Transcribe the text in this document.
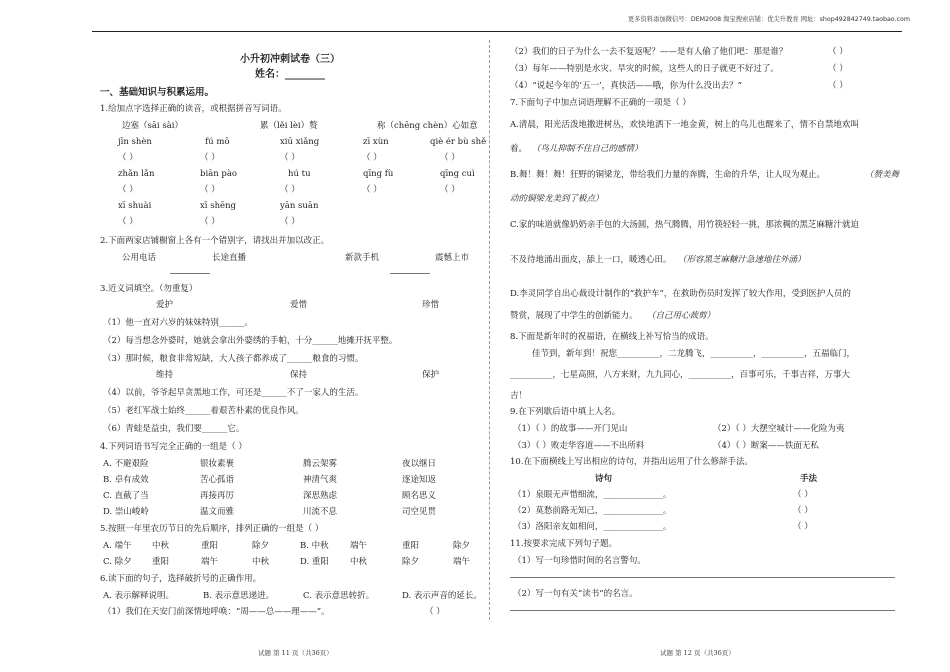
更多资料添加微信号：DEM2008 淘宝搜索店铺：优尖升教育 网址：shop492842749.taobao.com
小升初冲刺试卷（三）
姓名：________
一、基础知识与积累运用。
1.给加点字选择正确的读音，或根据拼音写词语。
边塞（sāi sài）	累（lěi lèi）赘	称（chēng chèn）心如意
jīn shèn	fú mō	xiū xiǎng	zī xùn	qiè ér bù shě
（ ）	（ ）	（ ）	（ ）	（ ）
zhǎn lǎn	biān pào	hú tu	qīng fù	qīng cuì
（ ）	（ ）	（ ）	（ ）	（ ）
xī shuài	xī shēng	yān suān
（ ）	（ ）	（ ）
2.下面两家店铺橱窗上各有一个错别字，请找出并加以改正。
公用电话	长途直播	新款手机	震憾上市
3.近义词填空。（勿重复）
爱护	爱惜	珍惜
（1）他一直对六岁的妹妹特别______。
（2）每当想念外婆时，她就会拿出外婆绣的手帕，十分______地摊开抚平整。
（3）那时候，粮食非常短缺，大人孩子都养成了______粮食的习惯。
维持	保持	保护
（4）以前，爷爷起早贪黑地工作，可还是______不了一家人的生活。
（5）老红军战士始终______着艰苦朴素的优良作风。
（6）青蛙是益虫，我们要______它。
4.下列词语书写完全正确的一组是（ ）
A. 不避艰险	银妆素裹	腾云架雾	夜以继日
B. 卓有成效	苦心孤诣	神清气爽	逐途知返
C. 直截了当	再接再厉	深思熟虑	顾名思义
D. 崇山峻岭	温文而雅	川流不息	司空见贯
5.按照一年里农历节日的先后顺序，排列正确的一组是（ ）
A. 端午 中秋	重阳	除夕	B. 中秋	端午	重阳	除夕
C. 除夕 重阳	端午	中秋	D. 重阳 中秋	除夕	端午
6.读下面的句子，选择破折号的正确作用。
A. 表示解释说明。	B. 表示意思递进。	C. 表示意思转折。	D. 表示声音的延长。
（1）我们在天安门前深情地呼唤：“周——总——理——”。	（ ）
试题 第 11 页（共36页）
（2）我们的日子为什么一去不复返呢？——是有人偷了他们吧：那是谁？	（ ）
（3）每年——特别是水灾、旱灾的时候，这些人的日子就更不好过了。	（ ）
（4）“说起今年的‘五一’，真快活——哦，你为什么没出去？”	（ ）
7.下面句子中加点词语理解不正确的一项是（ ）
A.清晨，阳光活泼地撒进树丛，欢快地洒下一地金黄，树上的鸟儿也醒来了，情不自禁地欢叫
着。 （鸟儿抑制不住自己的感情）
B.舞！舞！舞！狂野的铜梁龙，带给我们力量的奔腾，生命的升华，让人叹为观止。	（赞美舞
动的铜梁龙美到了极点）
C.家的味道就像奶奶亲手包的大汤圆，热气腾腾，用竹筷轻轻一挑，那浓稠的黑芝麻糖汁就迫
不及待地涌出面皮，舔上一口，暖透心田。 （形容黑芝麻糖汁急速地往外涌）
D.李灵同学自出心裁设计制作的“救护车”，在救助伤员时发挥了较大作用，受到医护人员的
赞赏，展现了中学生的创新能力。 （自己用心裁剪）
8.下面是新年时的祝福语，在横线上补写恰当的成语。
佳节到，新年到！祝您__________，二龙腾飞，__________，__________，五福临门，
__________，七星高照，八方来财，九九同心，__________，百事可乐，千事吉祥，万事大
吉！
9.在下列歇后语中填上人名。
（1）（ ）的故事——开门见山	（2）（ ）大摆空城计——化险为夷
（3）（ ）败走华容道——不出所料	（4）（ ）断案——铁面无私
10.在下面横线上写出相应的诗句，并指出运用了什么修辞手法。
诗句	手法
（1）泉眼无声惜细流，______________。	（ ）
（2）莫愁前路无知己，______________。	（ ）
（3）洛阳亲友如相问，______________。	（ ）
11.按要求完成下列句子题。
（1）写一句珍惜时间的名言警句。
（2）写一句有关“读书”的名言。
试题 第 12 页（共36页）
